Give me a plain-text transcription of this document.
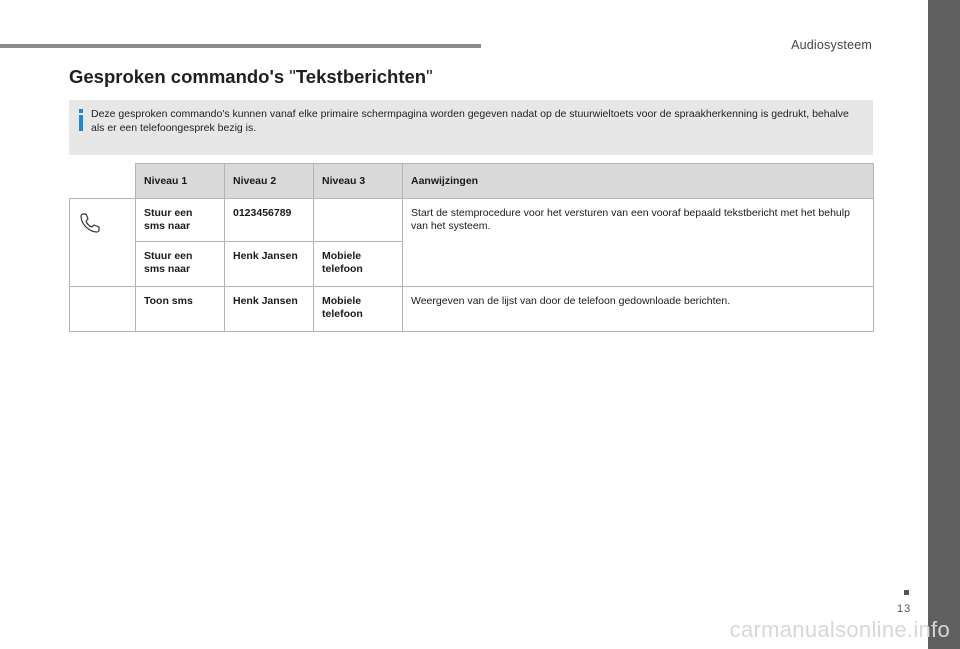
Audiosysteem
Gesproken commando's "Tekstberichten"
Deze gesproken commando's kunnen vanaf elke primaire schermpagina worden gegeven nadat op de stuurwieltoets voor de spraakherkenning is gedrukt, behalve als er een telefoongesprek bezig is.
	Niveau 1	Niveau 2	Niveau 3	Aanwijzingen
	Stuur een sms naar	0123456789		Start de stemprocedure voor het versturen van een vooraf bepaald tekstbericht met het behulp van het systeem.
	Stuur een sms naar	Henk Jansen	Mobiele telefoon	
	Toon sms	Henk Jansen	Mobiele telefoon	Weergeven van de lijst van door de telefoon gedownloade berichten.
13
carmanualsonline.info
